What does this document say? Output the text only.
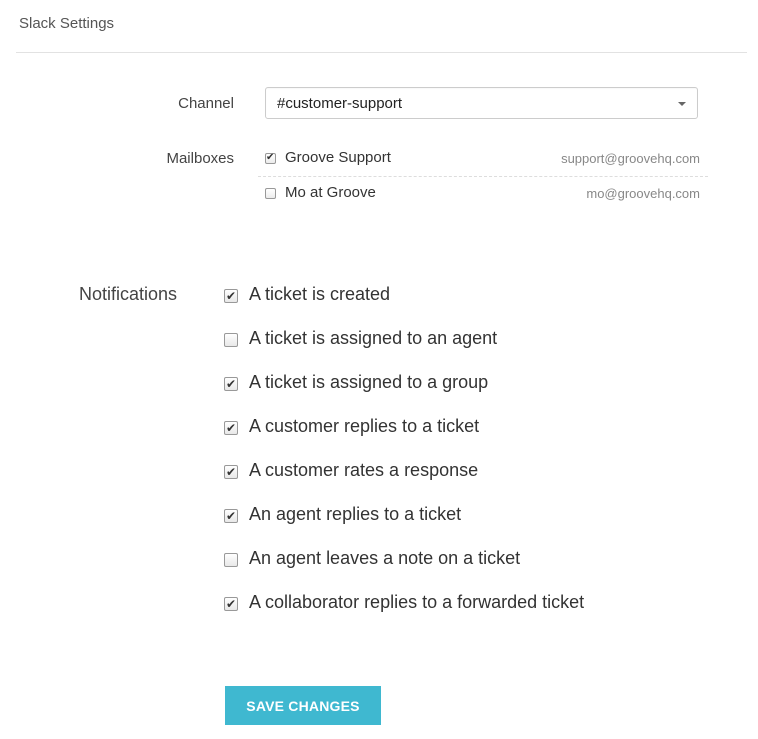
Slack Settings
Channel	#customer-support
Mailboxes	✔ Groove Support	support@groovehq.com
Mo at Groove	mo@groovehq.com
Notifications	✔ A ticket is created
A ticket is assigned to an agent
✔ A ticket is assigned to a group
✔ A customer replies to a ticket
✔ A customer rates a response
✔ An agent replies to a ticket
An agent leaves a note on a ticket
✔ A collaborator replies to a forwarded ticket
SAVE CHANGES
